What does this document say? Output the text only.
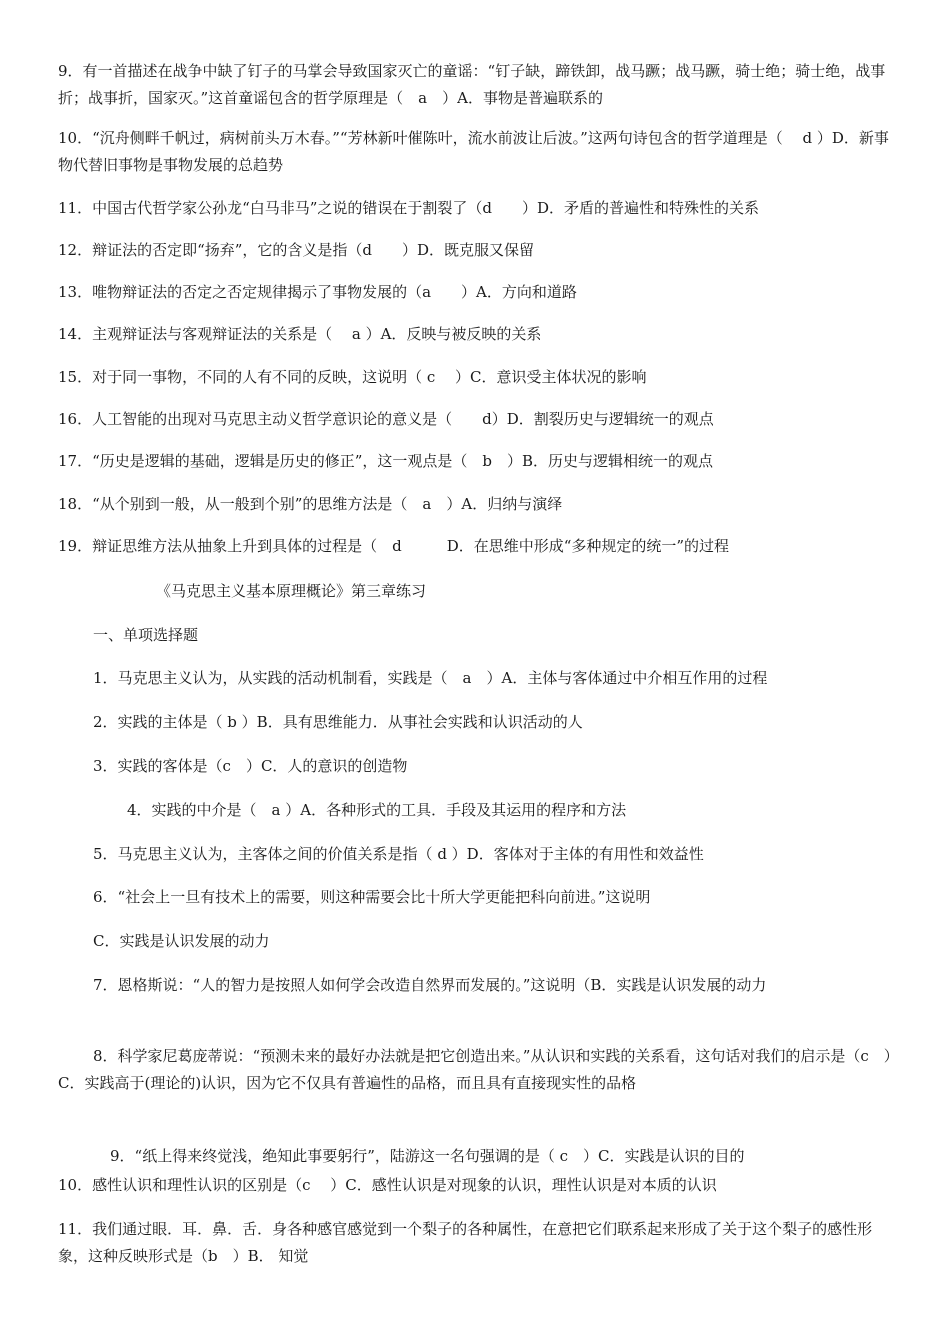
9．有一首描述在战争中缺了钉子的马掌会导致国家灭亡的童谣：“钉子缺，蹄铁卸，战马蹶；战马蹶，骑士绝；骑士绝，战事折；战事折，国家灭。”这首童谣包含的哲学原理是（　a　）A．事物是普遍联系的
10．“沉舟侧畔千帆过，病树前头万木春。”“芳林新叶催陈叶，流水前波让后波。”这两句诗包含的哲学道理是（　 d ）D．新事物代替旧事物是事物发展的总趋势
11．中国古代哲学家公孙龙“白马非马”之说的错误在于割裂了（d　　）D．矛盾的普遍性和特殊性的关系
12．辩证法的否定即“扬弃”，它的含义是指（d　　）D．既克服又保留
13．唯物辩证法的否定之否定规律揭示了事物发展的（a　　）A．方向和道路
14．主观辩证法与客观辩证法的关系是（　 a ）A．反映与被反映的关系
15．对于同一事物，不同的人有不同的反映，这说明（ c　 ）C．意识受主体状况的影响
16．人工智能的出现对马克思主动义哲学意识论的意义是（　　d）D．割裂历史与逻辑统一的观点
17．“历史是逻辑的基础，逻辑是历史的修正”，这一观点是（　b　）B．历史与逻辑相统一的观点
18．“从个别到一般，从一般到个别”的思维方法是（　a　）A．归纳与演绎
19．辩证思维方法从抽象上升到具体的过程是（　d　　　D．在思维中形成“多种规定的统一”的过程
《马克思主义基本原理概论》第三章练习
一、单项选择题
1．马克思主义认为，从实践的活动机制看，实践是（　a　）A．主体与客体通过中介相互作用的过程
2．实践的主体是（ b ）B．具有思维能力．从事社会实践和认识活动的人
3．实践的客体是（c　）C．人的意识的创造物
4．实践的中介是（　a ）A．各种形式的工具．手段及其运用的程序和方法
5．马克思主义认为，主客体之间的价值关系是指（ d ）D．客体对于主体的有用性和效益性
6．“社会上一旦有技术上的需要，则这种需要会比十所大学更能把科向前进。”这说明
C．实践是认识发展的动力
7．恩格斯说：“人的智力是按照人如何学会改造自然界而发展的。”这说明（B．实践是认识发展的动力
8．科学家尼葛庞蒂说：“预测未来的最好办法就是把它创造出来。”从认识和实践的关系看，这句话对我们的启示是（c　）C．实践高于(理论的)认识，因为它不仅具有普遍性的品格，而且具有直接现实性的品格
9．“纸上得来终觉浅，绝知此事要躬行”，陆游这一名句强调的是（ c　）C．实践是认识的目的
10．感性认识和理性认识的区别是（c　 ）C．感性认识是对现象的认识，理性认识是对本质的认识
11．我们通过眼．耳．鼻．舌．身各种感官感觉到一个梨子的各种属性，在意把它们联系起来形成了关于这个梨子的感性形象，这种反映形式是（b　）B． 知觉
